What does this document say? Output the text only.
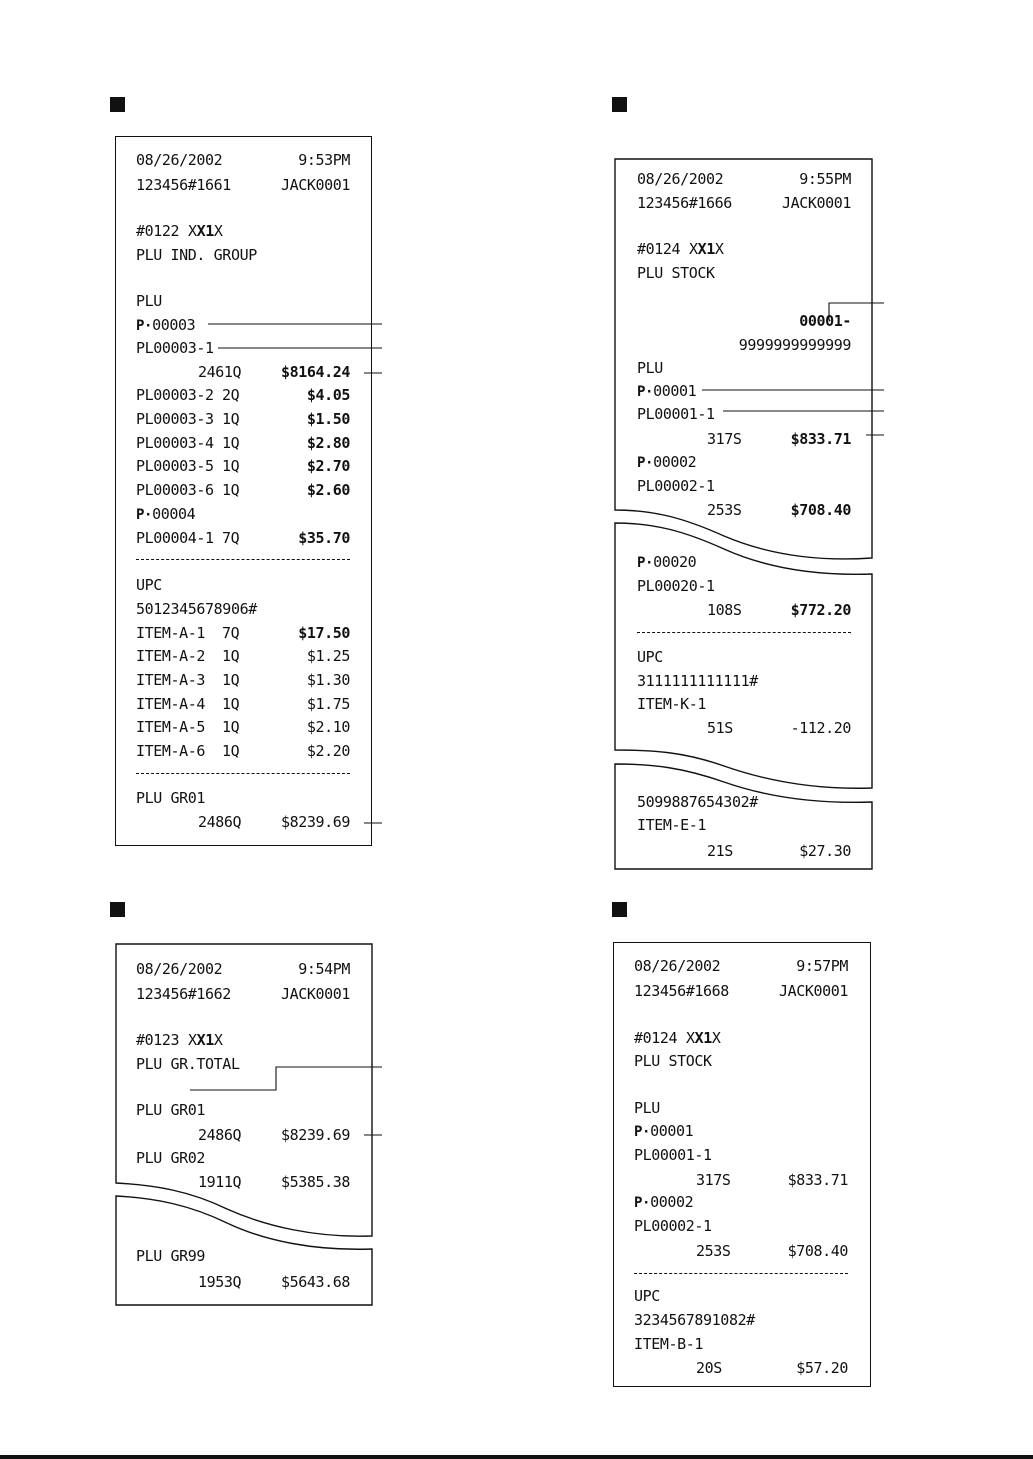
08/26/2002	9:53PM
123456#1661	JACK0001
#0122 XX1X
PLU IND. GROUP
PLU
P·00003
PL00003-1
2461Q	$8164.24
PL00003-2 2Q	$4.05
PL00003-3 1Q	$1.50
PL00003-4 1Q	$2.80
PL00003-5 1Q	$2.70
PL00003-6 1Q	$2.60
P·00004
PL00004-1 7Q	$35.70
UPC
5012345678906#
ITEM-A-1 7Q	$17.50
ITEM-A-2 1Q	$1.25
ITEM-A-3 1Q	$1.30
ITEM-A-4 1Q	$1.75
ITEM-A-5 1Q	$2.10
ITEM-A-6 1Q	$2.20
PLU GR01
2486Q	$8239.69
08/26/2002	9:55PM
123456#1666	JACK0001
#0124 XX1X
PLU STOCK
00001-
9999999999999
PLU
P·00001
PL00001-1
317S	$833.71
P·00002
PL00002-1
253S	$708.40
P·00020
PL00020-1
108S	$772.20
UPC
3111111111111#
ITEM-K-1
51S	-112.20
5099887654302#
ITEM-E-1
21S	$27.30
08/26/2002	9:54PM
123456#1662	JACK0001
#0123 XX1X
PLU GR.TOTAL
PLU GR01
2486Q	$8239.69
PLU GR02
1911Q	$5385.38
PLU GR99
1953Q	$5643.68
08/26/2002	9:57PM
123456#1668	JACK0001
#0124 XX1X
PLU STOCK
PLU
P·00001
PL00001-1
317S	$833.71
P·00002
PL00002-1
253S	$708.40
UPC
3234567891082#
ITEM-B-1
20S	$57.20
